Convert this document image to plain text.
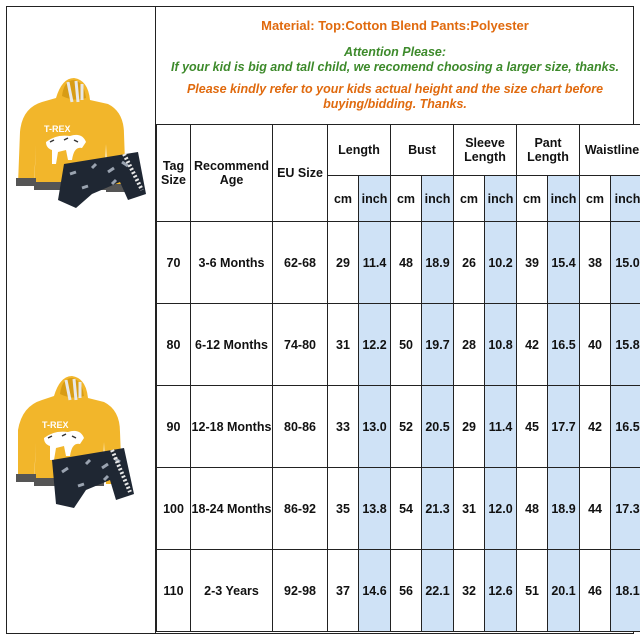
T-REX
T-REX
Material: Top:Cotton Blend Pants:Polyester
Attention Please:
If your kid is big and tall child, we recomend choosing a larger size, thanks.
Please kindly refer to your kids actual height and the size chart before
buying/bidding. Thanks.
Tag Size	Recommend Age	EU Size	Length		Bust		Sleeve Length		Pant Length		Waistline	
			cm	inch	cm	inch	cm	inch	cm	inch	cm	inch
70	3-6 Months	62-68	29	11.4	48	18.9	26	10.2	39	15.4	38	15.0
80	6-12 Months	74-80	31	12.2	50	19.7	28	10.8	42	16.5	40	15.8
90	12-18 Months	80-86	33	13.0	52	20.5	29	11.4	45	17.7	42	16.5
100	18-24 Months	86-92	35	13.8	54	21.3	31	12.0	48	18.9	44	17.3
110	2-3 Years	92-98	37	14.6	56	22.1	32	12.6	51	20.1	46	18.1
